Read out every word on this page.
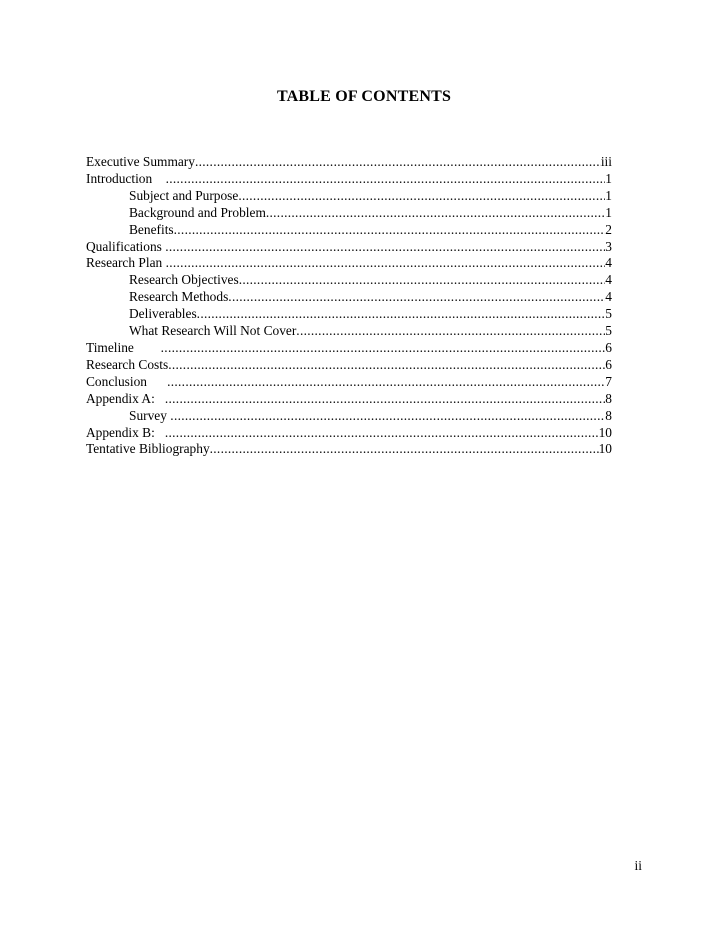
TABLE OF CONTENTS
Executive Summary .....	iii
Introduction .....	1
Subject and Purpose .....	1
Background and Problem .....	1
Benefits .....	2
Qualifications .....	3
Research Plan .....	4
Research Objectives .....	4
Research Methods .....	4
Deliverables .....	5
What Research Will Not Cover .....	5
Timeline .....	6
Research Costs .....	6
Conclusion .....	7
Appendix A: .....	8
Survey .....	8
Appendix B: .....	10
Tentative Bibliography .....	10
ii
